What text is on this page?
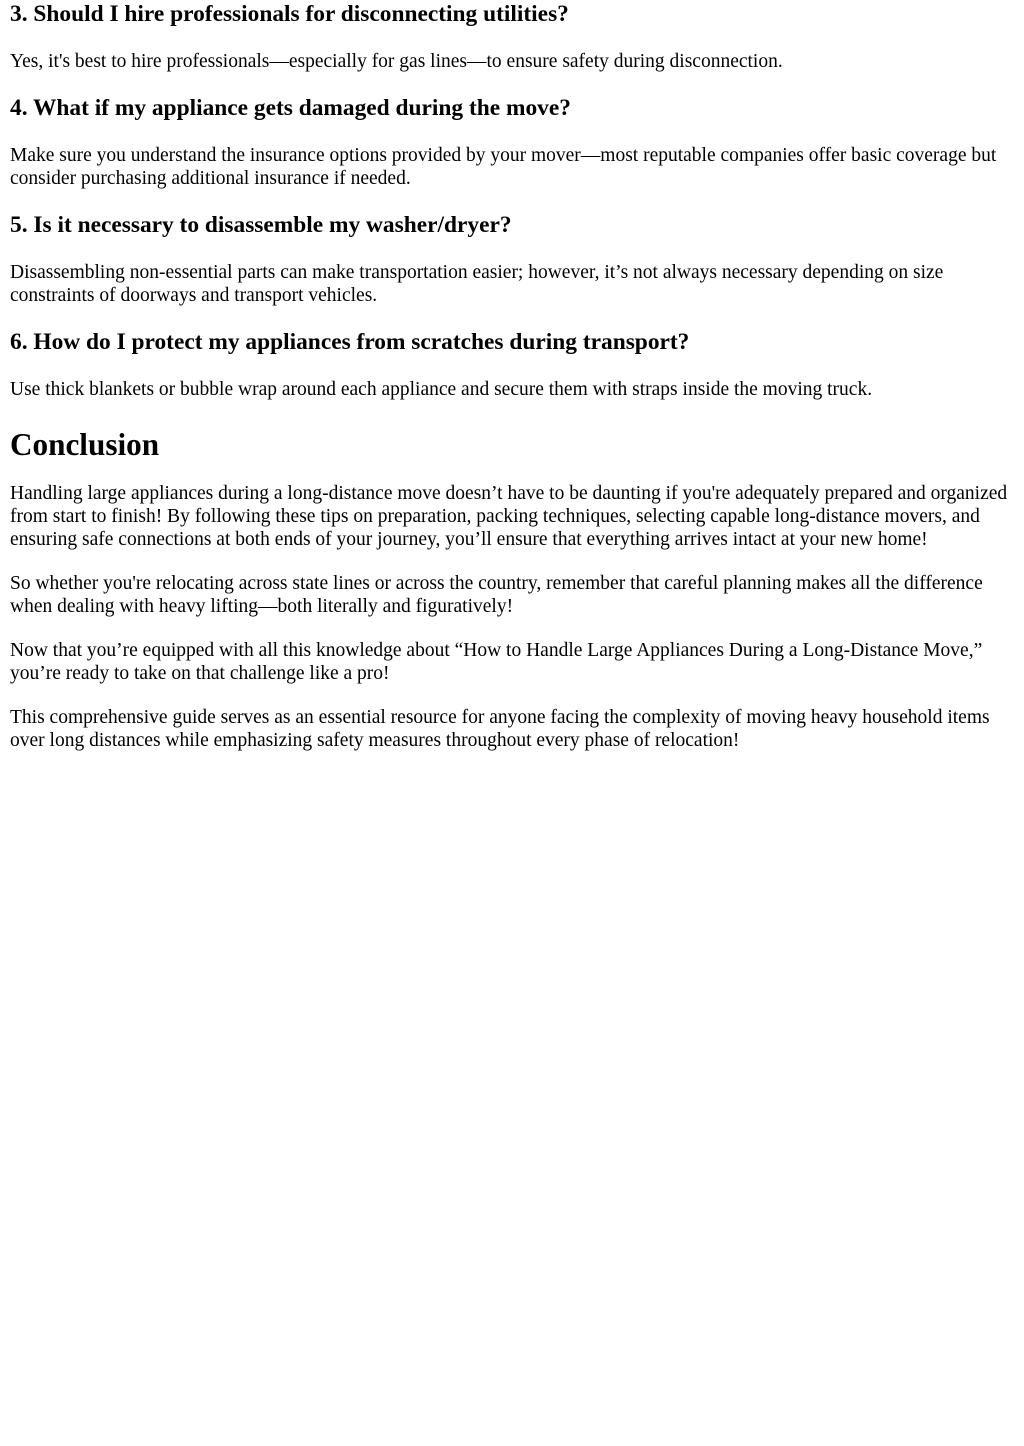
3. Should I hire professionals for disconnecting utilities?

Yes, it's best to hire professionals—especially for gas lines—to ensure safety during disconnection.

4. What if my appliance gets damaged during the move?

Make sure you understand the insurance options provided by your mover—most reputable companies offer basic coverage but consider purchasing additional insurance if needed.

5. Is it necessary to disassemble my washer/dryer?

Disassembling non-essential parts can make transportation easier; however, it’s not always necessary depending on size constraints of doorways and transport vehicles.

6. How do I protect my appliances from scratches during transport?

Use thick blankets or bubble wrap around each appliance and secure them with straps inside the moving truck.

Conclusion

Handling large appliances during a long-distance move doesn’t have to be daunting if you're adequately prepared and organized from start to finish! By following these tips on preparation, packing techniques, selecting capable long-distance movers, and ensuring safe connections at both ends of your journey, you’ll ensure that everything arrives intact at your new home!

So whether you're relocating across state lines or across the country, remember that careful planning makes all the difference when dealing with heavy lifting—both literally and figuratively!

Now that you’re equipped with all this knowledge about “How to Handle Large Appliances During a Long-Distance Move,” you’re ready to take on that challenge like a pro!

This comprehensive guide serves as an essential resource for anyone facing the complexity of moving heavy household items over long distances while emphasizing safety measures throughout every phase of relocation!
